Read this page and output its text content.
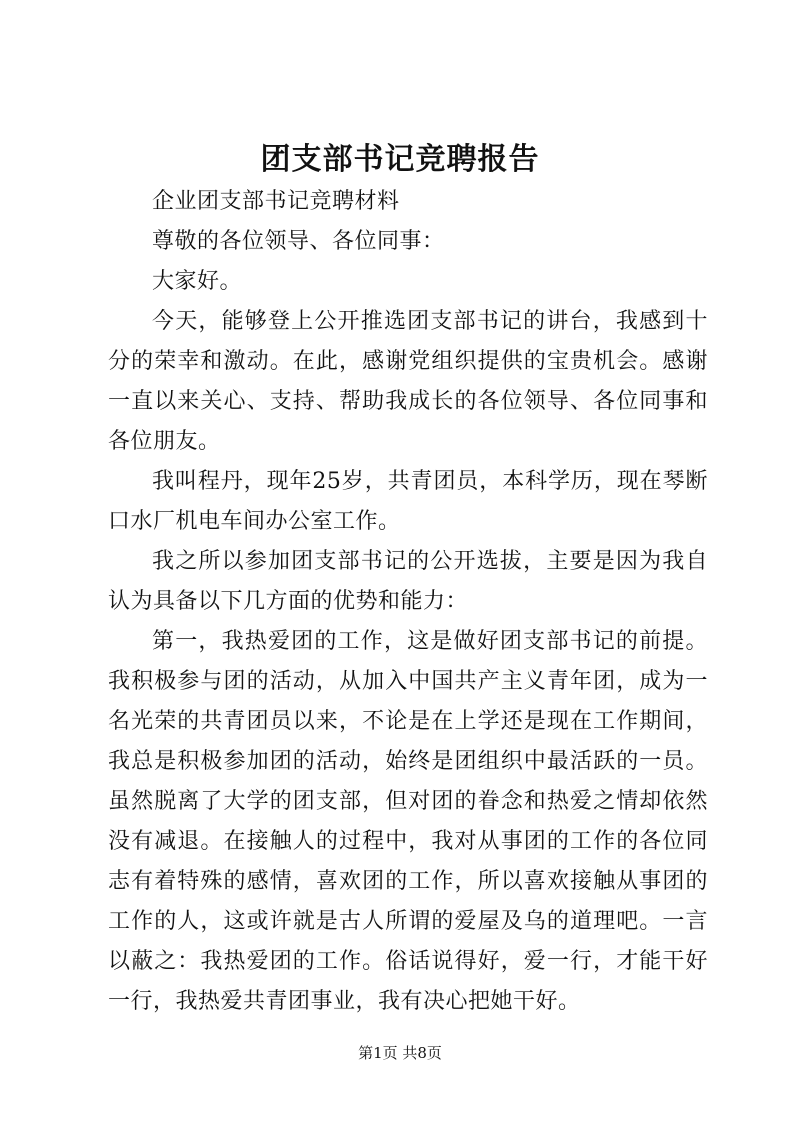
团支部书记竞聘报告

企业团支部书记竞聘材料

尊敬的各位领导、各位同事：

大家好。

今天，能够登上公开推选团支部书记的讲台，我感到十分的荣幸和激动。在此，感谢党组织提供的宝贵机会。感谢一直以来关心、支持、帮助我成长的各位领导、各位同事和各位朋友。

我叫程丹，现年25岁，共青团员，本科学历，现在琴断口水厂机电车间办公室工作。

我之所以参加团支部书记的公开选拔，主要是因为我自认为具备以下几方面的优势和能力：

第一，我热爱团的工作，这是做好团支部书记的前提。我积极参与团的活动，从加入中国共产主义青年团，成为一名光荣的共青团员以来，不论是在上学还是现在工作期间，我总是积极参加团的活动，始终是团组织中最活跃的一员。虽然脱离了大学的团支部，但对团的眷念和热爱之情却依然没有减退。在接触人的过程中，我对从事团的工作的各位同志有着特殊的感情，喜欢团的工作，所以喜欢接触从事团的工作的人，这或许就是古人所谓的爱屋及乌的道理吧。一言以蔽之：我热爱团的工作。俗话说得好，爱一行，才能干好一行，我热爱共青团事业，我有决心把她干好。

第1页 共8页
